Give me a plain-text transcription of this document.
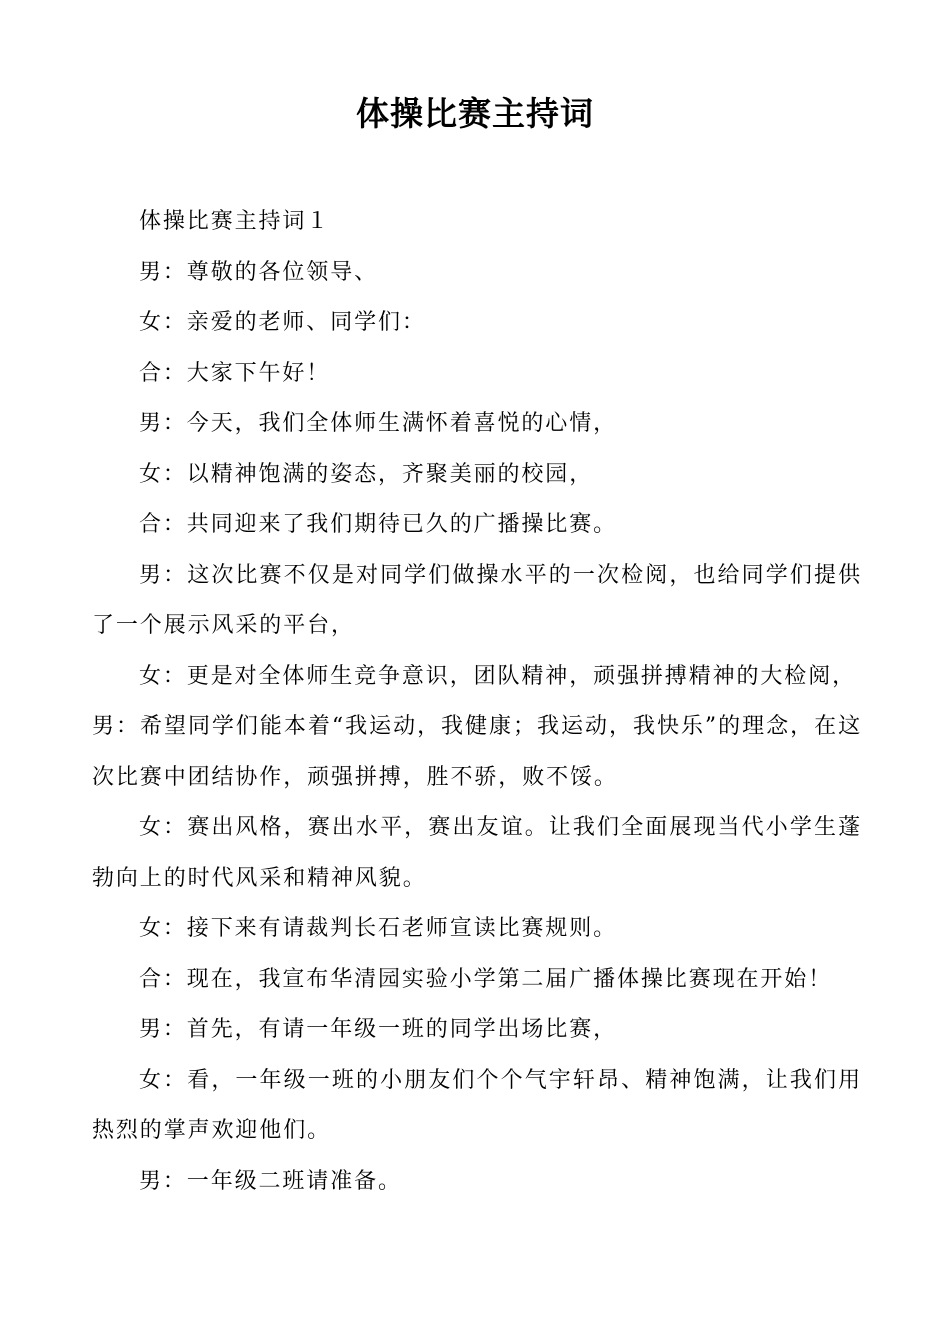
体操比赛主持词

体操比赛主持词１

男：尊敬的各位领导、

女：亲爱的老师、同学们：

合：大家下午好！

男：今天，我们全体师生满怀着喜悦的心情，

女：以精神饱满的姿态，齐聚美丽的校园，

合：共同迎来了我们期待已久的广播操比赛。

男：这次比赛不仅是对同学们做操水平的一次检阅，也给同学们提供了一个展示风采的平台，

女：更是对全体师生竞争意识，团队精神，顽强拼搏精神的大检阅，

男：希望同学们能本着“我运动，我健康；我运动，我快乐”的理念，在这次比赛中团结协作，顽强拼搏，胜不骄，败不馁。

女：赛出风格，赛出水平，赛出友谊。让我们全面展现当代小学生蓬勃向上的时代风采和精神风貌。

女：接下来有请裁判长石老师宣读比赛规则。

合：现在，我宣布华清园实验小学第二届广播体操比赛现在开始！

男：首先，有请一年级一班的同学出场比赛，

女：看，一年级一班的小朋友们个个气宇轩昂、精神饱满，让我们用热烈的掌声欢迎他们。

男：一年级二班请准备。
